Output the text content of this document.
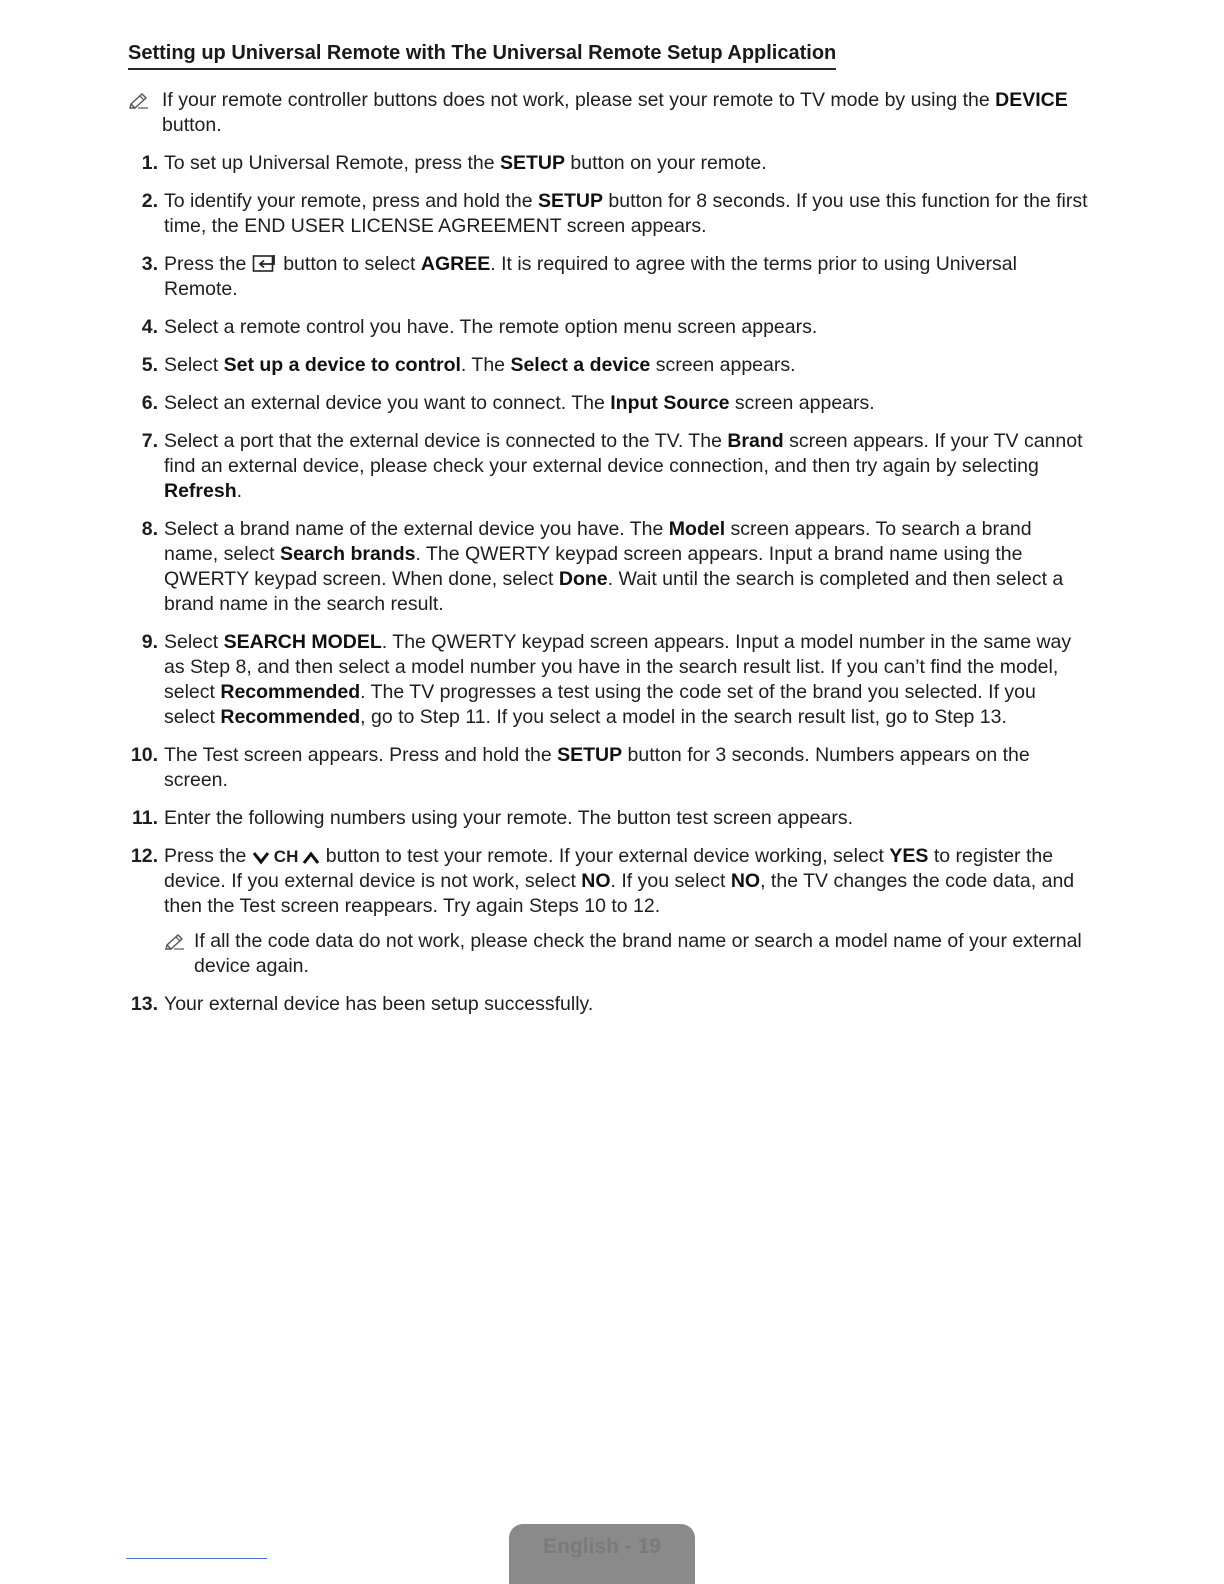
Setting up Universal Remote with The Universal Remote Setup Application
If your remote controller buttons does not work, please set your remote to TV mode by using the DEVICE button.
1. To set up Universal Remote, press the SETUP button on your remote.
2. To identify your remote, press and hold the SETUP button for 8 seconds. If you use this function for the first time, the END USER LICENSE AGREEMENT screen appears.
3. Press the  button to select AGREE. It is required to agree with the terms prior to using Universal Remote.
4. Select a remote control you have. The remote option menu screen appears.
5. Select Set up a device to control. The Select a device screen appears.
6. Select an external device you want to connect. The Input Source screen appears.
7. Select a port that the external device is connected to the TV. The Brand screen appears. If your TV cannot find an external device, please check your external device connection, and then try again by selecting Refresh.
8. Select a brand name of the external device you have. The Model screen appears. To search a brand name, select Search brands. The QWERTY keypad screen appears. Input a brand name using the QWERTY keypad screen. When done, select Done. Wait until the search is completed and then select a brand name in the search result.
9. Select SEARCH MODEL. The QWERTY keypad screen appears. Input a model number in the same way as Step 8, and then select a model number you have in the search result list. If you can’t find the model, select Recommended. The TV progresses a test using the code set of the brand you selected. If you select Recommended, go to Step 11. If you select a model in the search result list, go to Step 13.
10. The Test screen appears. Press and hold the SETUP button for 3 seconds. Numbers appears on the screen.
11. Enter the following numbers using your remote. The button test screen appears.
12. Press the CH button to test your remote. If your external device working, select YES to register the device. If you external device is not work, select NO. If you select NO, the TV changes the code data, and then the Test screen reappears. Try again Steps 10 to 12.
If all the code data do not work, please check the brand name or search a model name of your external device again.
13. Your external device has been setup successfully.
English - 19
